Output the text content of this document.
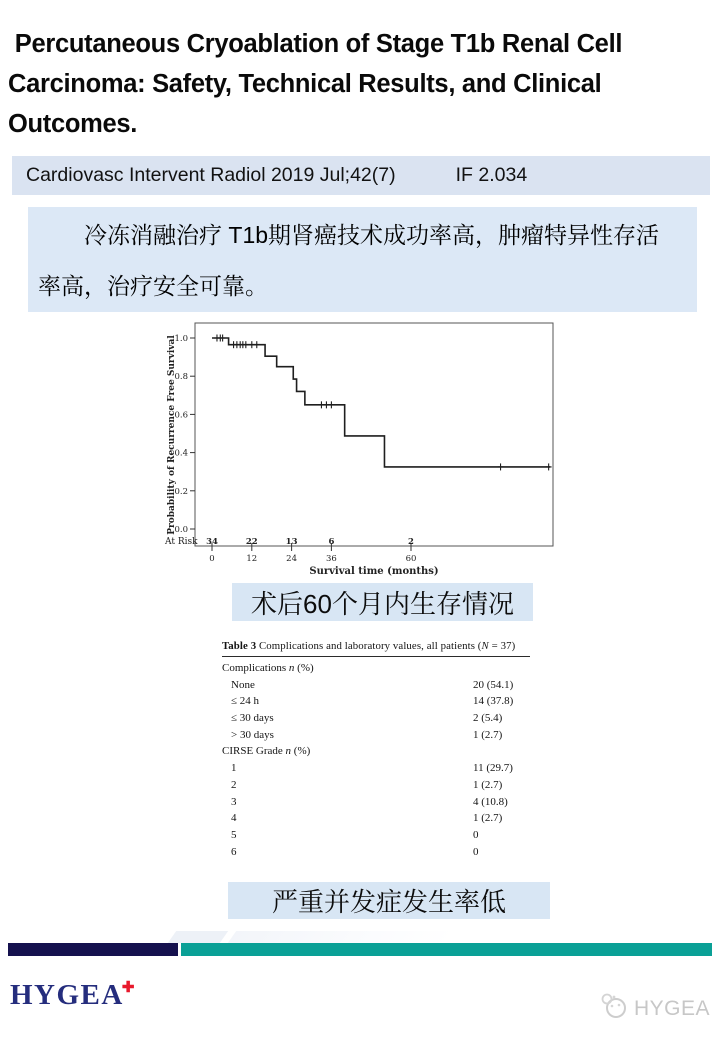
Percutaneous Cryoablation of Stage T1b Renal Cell
Carcinoma: Safety, Technical Results, and Clinical
Outcomes.
Cardiovasc Intervent Radiol 2019 Jul;42(7)	IF 2.034
冷冻消融治疗 T1b期肾癌技术成功率高，肿瘤特异性存活
率高，治疗安全可靠。
0.0
0.2
0.4
0.6
0.8
1.0
Probability of Recurrence Free Survival
0	12	24	36	60
Survival time (months)
At Risk 34	22	13	6	2
术后60个月内生存情况
Table 3 Complications and laboratory values, all patients (N = 37)
Complications n (%)
None	20 (54.1)
≤ 24 h	14 (37.8)
≤ 30 days	2 (5.4)
> 30 days	1 (2.7)
CIRSE Grade n (%)
1	11 (29.7)
2	1 (2.7)
3	4 (10.8)
4	1 (2.7)
5	0
6	0
严重并发症发生率低
HYGEA✚
HYGEA
